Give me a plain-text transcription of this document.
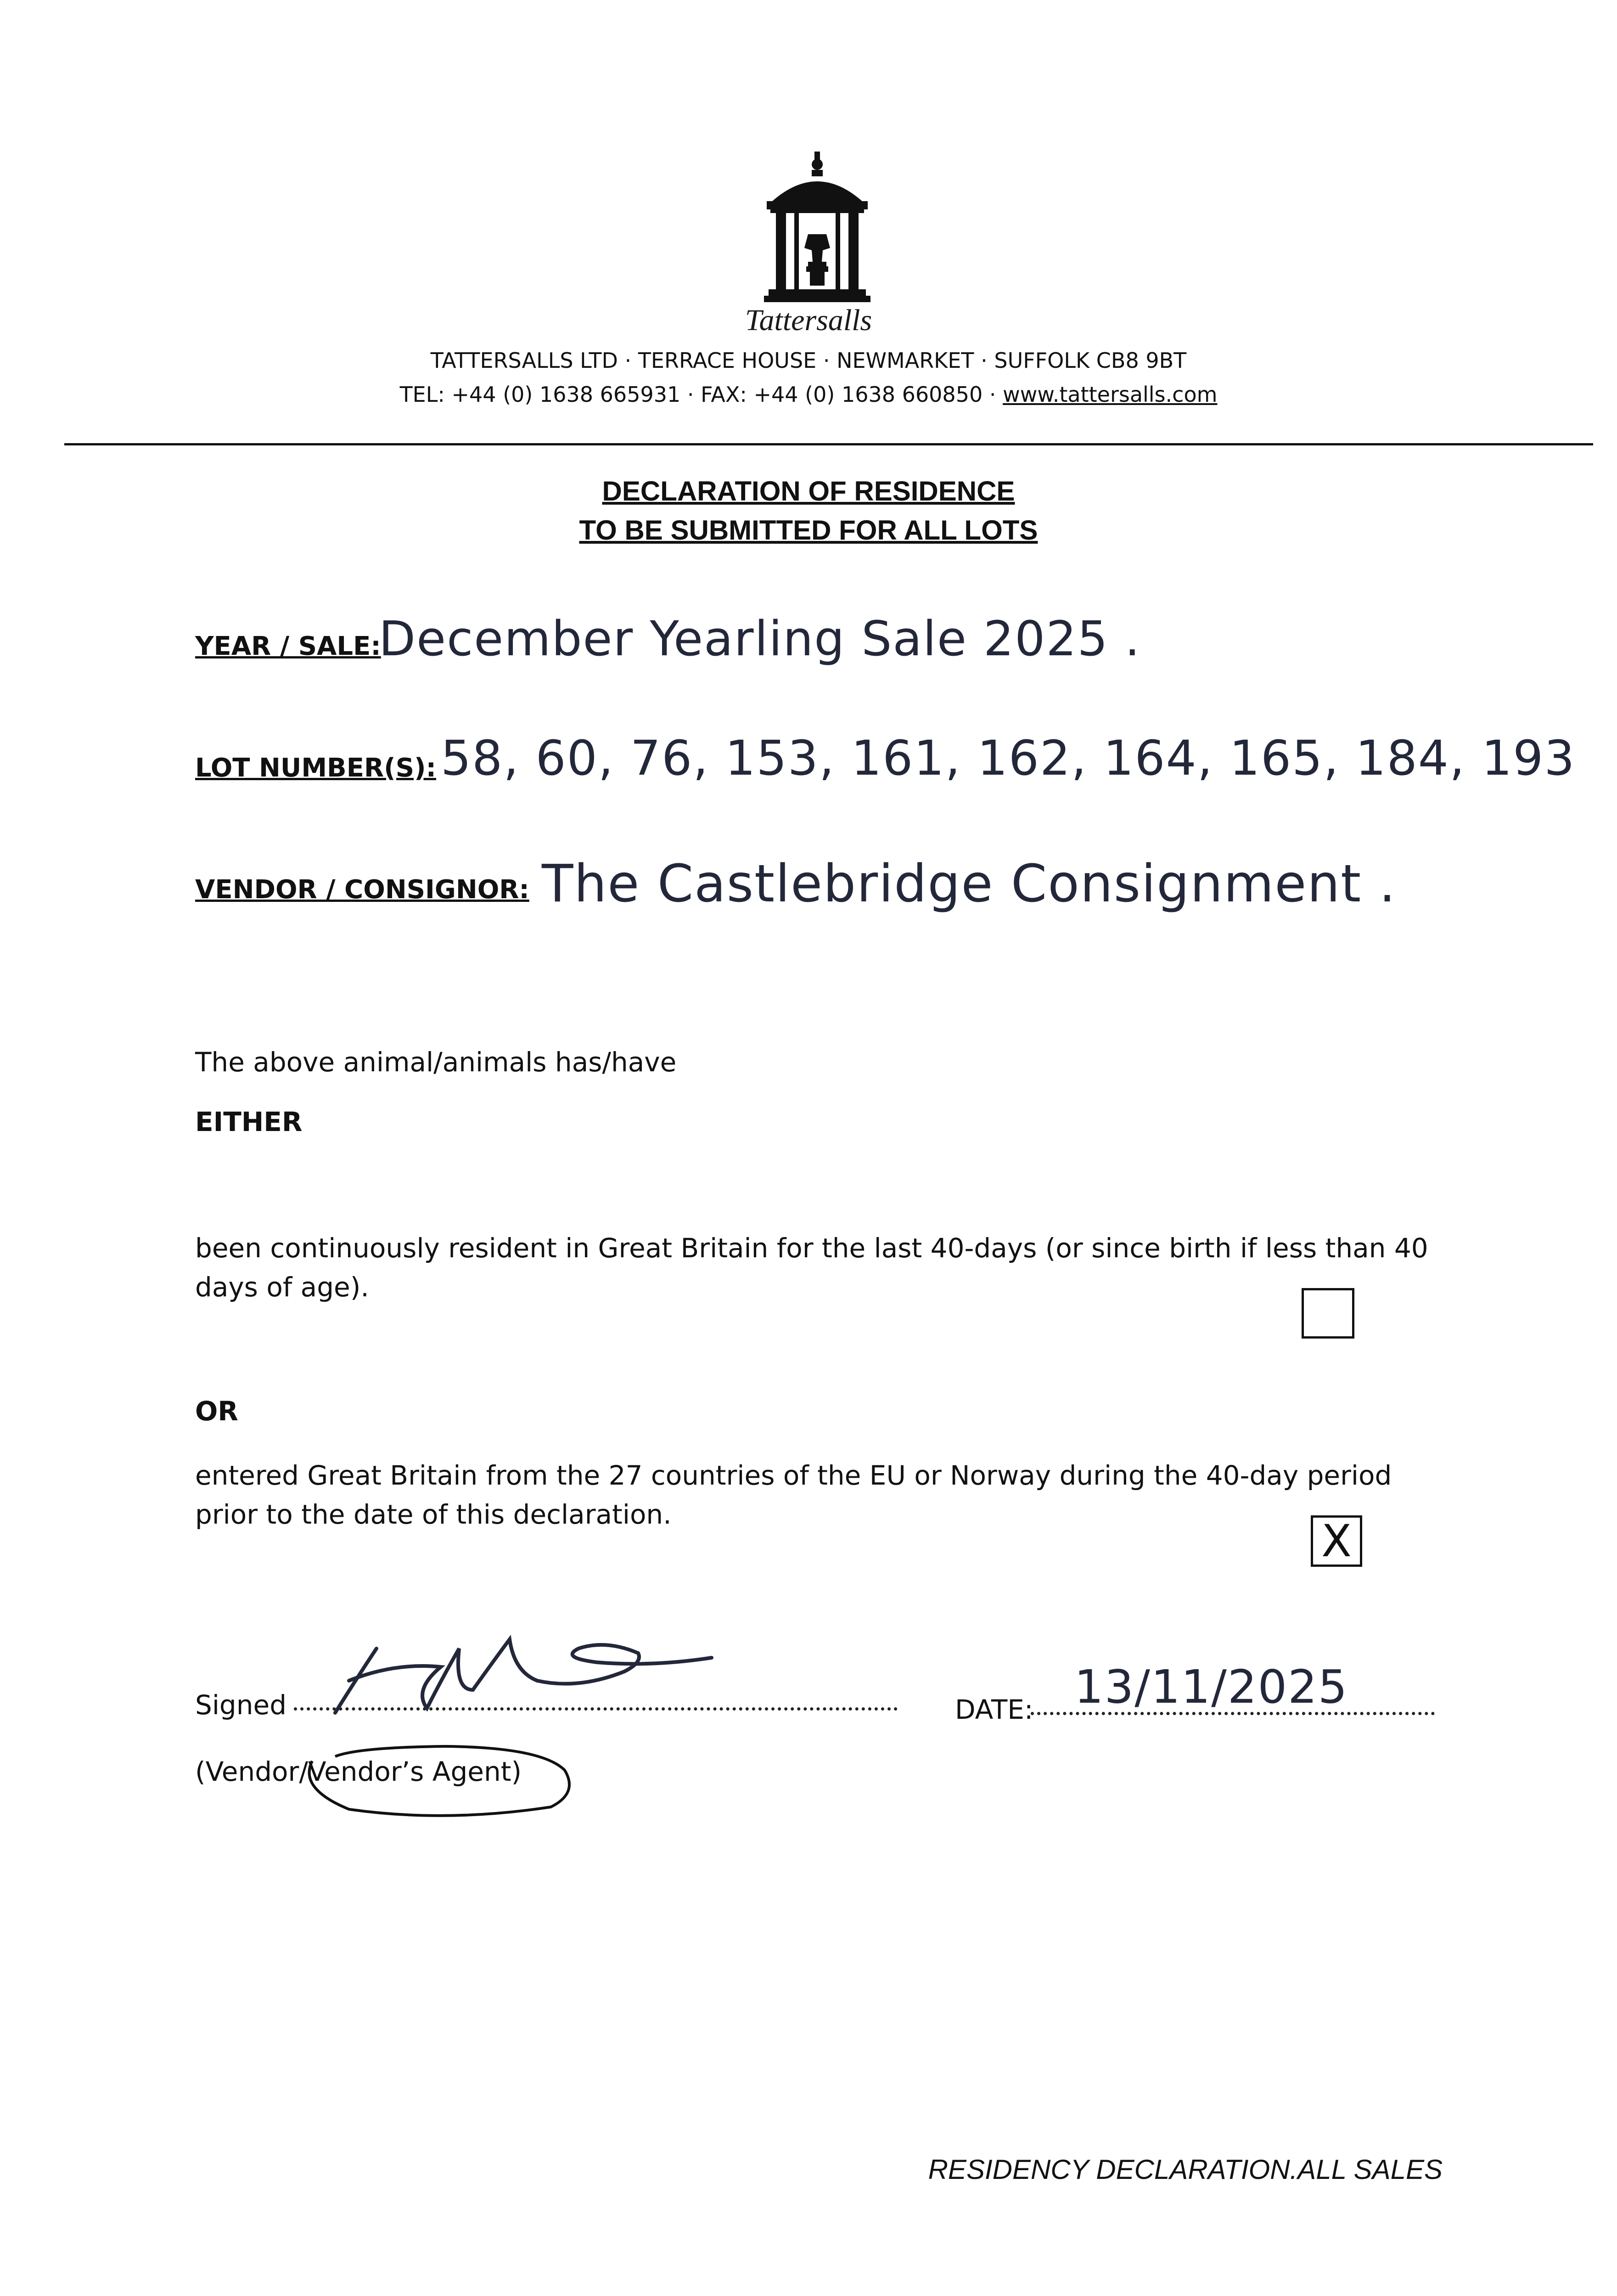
Tattersalls
TATTERSALLS LTD · TERRACE HOUSE · NEWMARKET · SUFFOLK CB8 9BT
TEL: +44 (0) 1638 665931 · FAX: +44 (0) 1638 660850 · www.tattersalls.com
DECLARATION OF RESIDENCE
TO BE SUBMITTED FOR ALL LOTS
YEAR / SALE:
December Yearling Sale 2025 .
LOT NUMBER(S): 58, 60, 76, 153, 161, 162, 164, 165, 184, 193
VENDOR / CONSIGNOR: The Castlebridge Consignment .
The above animal/animals has/have
EITHER
been continuously resident in Great Britain for the last 40-days (or since birth if less than 40
days of age).
OR
entered Great Britain from the 27 countries of the EU or Norway during the 40-day period
prior to the date of this declaration.
X
Signed	DATE: 13/11/2025
(Vendor/Vendor’s Agent)
RESIDENCY DECLARATION.ALL SALES
